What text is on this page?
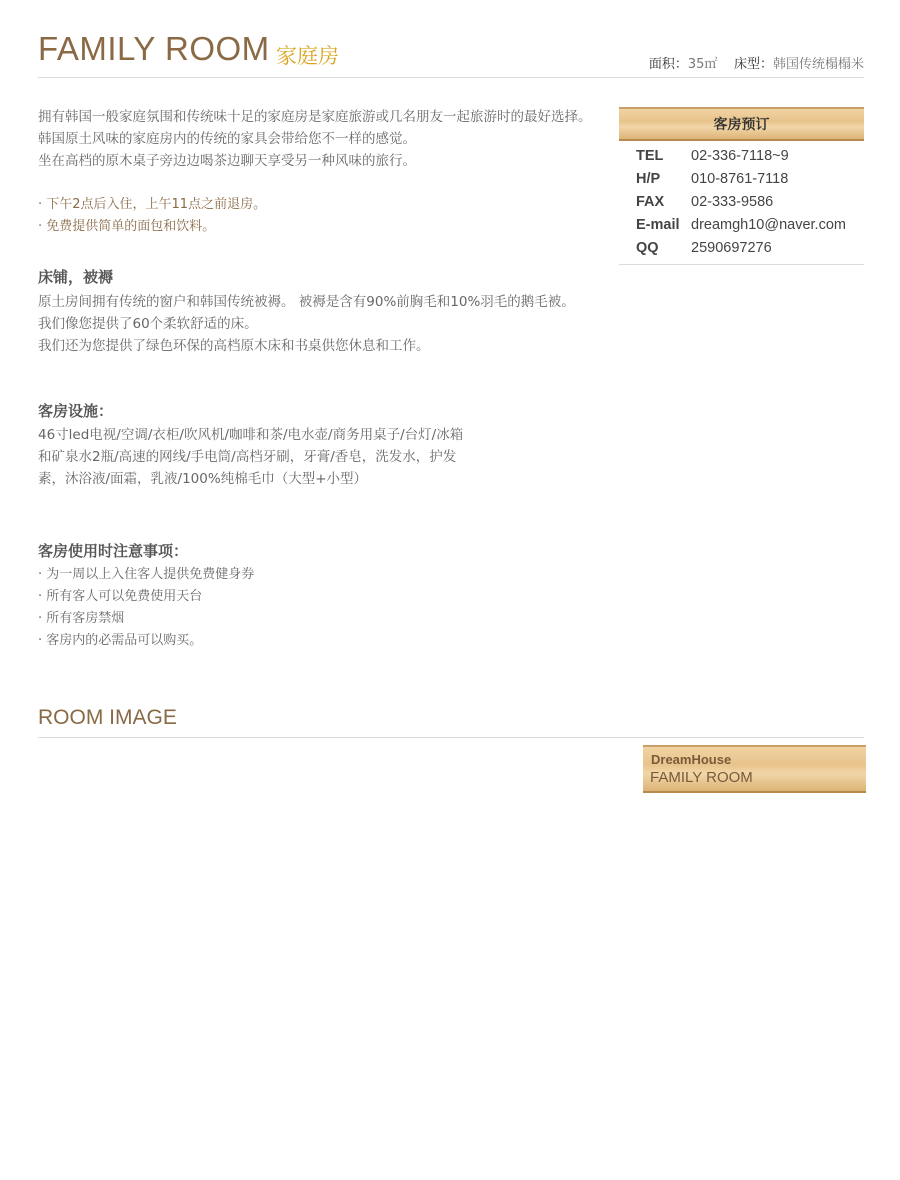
FAMILY ROOM 家庭房	面积：35㎡ 床型：韩国传统榻榻米

拥有韩国一般家庭氛围和传统味十足的家庭房是家庭旅游或几名朋友一起旅游时的最好选择。

韩国原土风味的家庭房内的传统的家具会带给您不一样的感觉。

坐在高档的原木桌子旁边边喝茶边聊天享受另一种风味的旅行。

· 下午2点后入住，上午11点之前退房。
· 免费提供简单的面包和饮料。
床铺，被褥

原土房间拥有传统的窗户和韩国传统被褥。 被褥是含有90%前胸毛和10%羽毛的鹅毛被。

我们像您提供了60个柔软舒适的床。

我们还为您提供了绿色环保的高档原木床和书桌供您休息和工作。

客房设施：

46寸led电视/空调/衣柜/吹风机/咖啡和茶/电水壶/商务用桌子/台灯/冰箱

和矿泉水2瓶/高速的网线/手电筒/高档牙刷，牙膏/香皂，洗发水，护发

素，沐浴液/面霜，乳液/100%纯棉毛巾（大型+小型）

客房使用时注意事项：

· 为一周以上入住客人提供免费健身券

· 所有客人可以免费使用天台

· 所有客房禁烟

· 客房内的必需品可以购买。

客房预订
TEL 02-336-7118~9
H/P 010-8761-7118
FAX 02-333-9586
E-mail dreamgh10@naver.com
QQ 2590697276
ROOM IMAGE
DreamHouse
FAMILY ROOM
